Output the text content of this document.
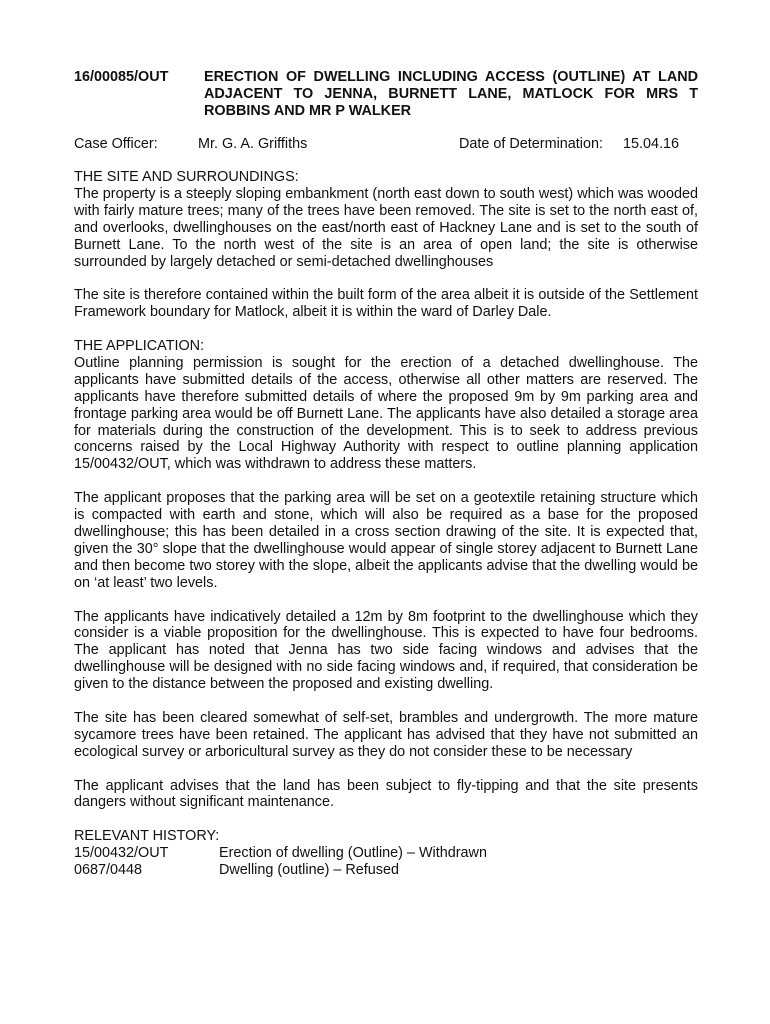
16/00085/OUT ERECTION OF DWELLING INCLUDING ACCESS (OUTLINE) AT LAND ADJACENT TO JENNA, BURNETT LANE, MATLOCK FOR MRS T ROBBINS AND MR P WALKER
Case Officer:	Mr. G. A. Griffiths	Date of Determination: 15.04.16

THE SITE AND SURROUNDINGS:

The property is a steeply sloping embankment (north east down to south west) which was wooded with fairly mature trees; many of the trees have been removed. The site is set to the north east of, and overlooks, dwellinghouses on the east/north east of Hackney Lane and is set to the south of Burnett Lane. To the north west of the site is an area of open land; the site is otherwise surrounded by largely detached or semi-detached dwellinghouses

The site is therefore contained within the built form of the area albeit it is outside of the Settlement Framework boundary for Matlock, albeit it is within the ward of Darley Dale.

THE APPLICATION:

Outline planning permission is sought for the erection of a detached dwellinghouse. The applicants have submitted details of the access, otherwise all other matters are reserved. The applicants have therefore submitted details of where the proposed 9m by 9m parking area and frontage parking area would be off Burnett Lane. The applicants have also detailed a storage area for materials during the construction of the development. This is to seek to address previous concerns raised by the Local Highway Authority with respect to outline planning application 15/00432/OUT, which was withdrawn to address these matters.

The applicant proposes that the parking area will be set on a geotextile retaining structure which is compacted with earth and stone, which will also be required as a base for the proposed dwellinghouse; this has been detailed in a cross section drawing of the site. It is expected that, given the 30° slope that the dwellinghouse would appear of single storey adjacent to Burnett Lane and then become two storey with the slope, albeit the applicants advise that the dwelling would be on ‘at least’ two levels.

The applicants have indicatively detailed a 12m by 8m footprint to the dwellinghouse which they consider is a viable proposition for the dwellinghouse. This is expected to have four bedrooms. The applicant has noted that Jenna has two side facing windows and advises that the dwellinghouse will be designed with no side facing windows and, if required, that consideration be given to the distance between the proposed and existing dwelling.

The site has been cleared somewhat of self-set, brambles and undergrowth. The more mature sycamore trees have been retained. The applicant has advised that they have not submitted an ecological survey or arboricultural survey as they do not consider these to be necessary

The applicant advises that the land has been subject to fly-tipping and that the site presents dangers without significant maintenance.

RELEVANT HISTORY:

15/00432/OUT	Erection of dwelling (Outline) – Withdrawn
0687/0448	Dwelling (outline) – Refused
